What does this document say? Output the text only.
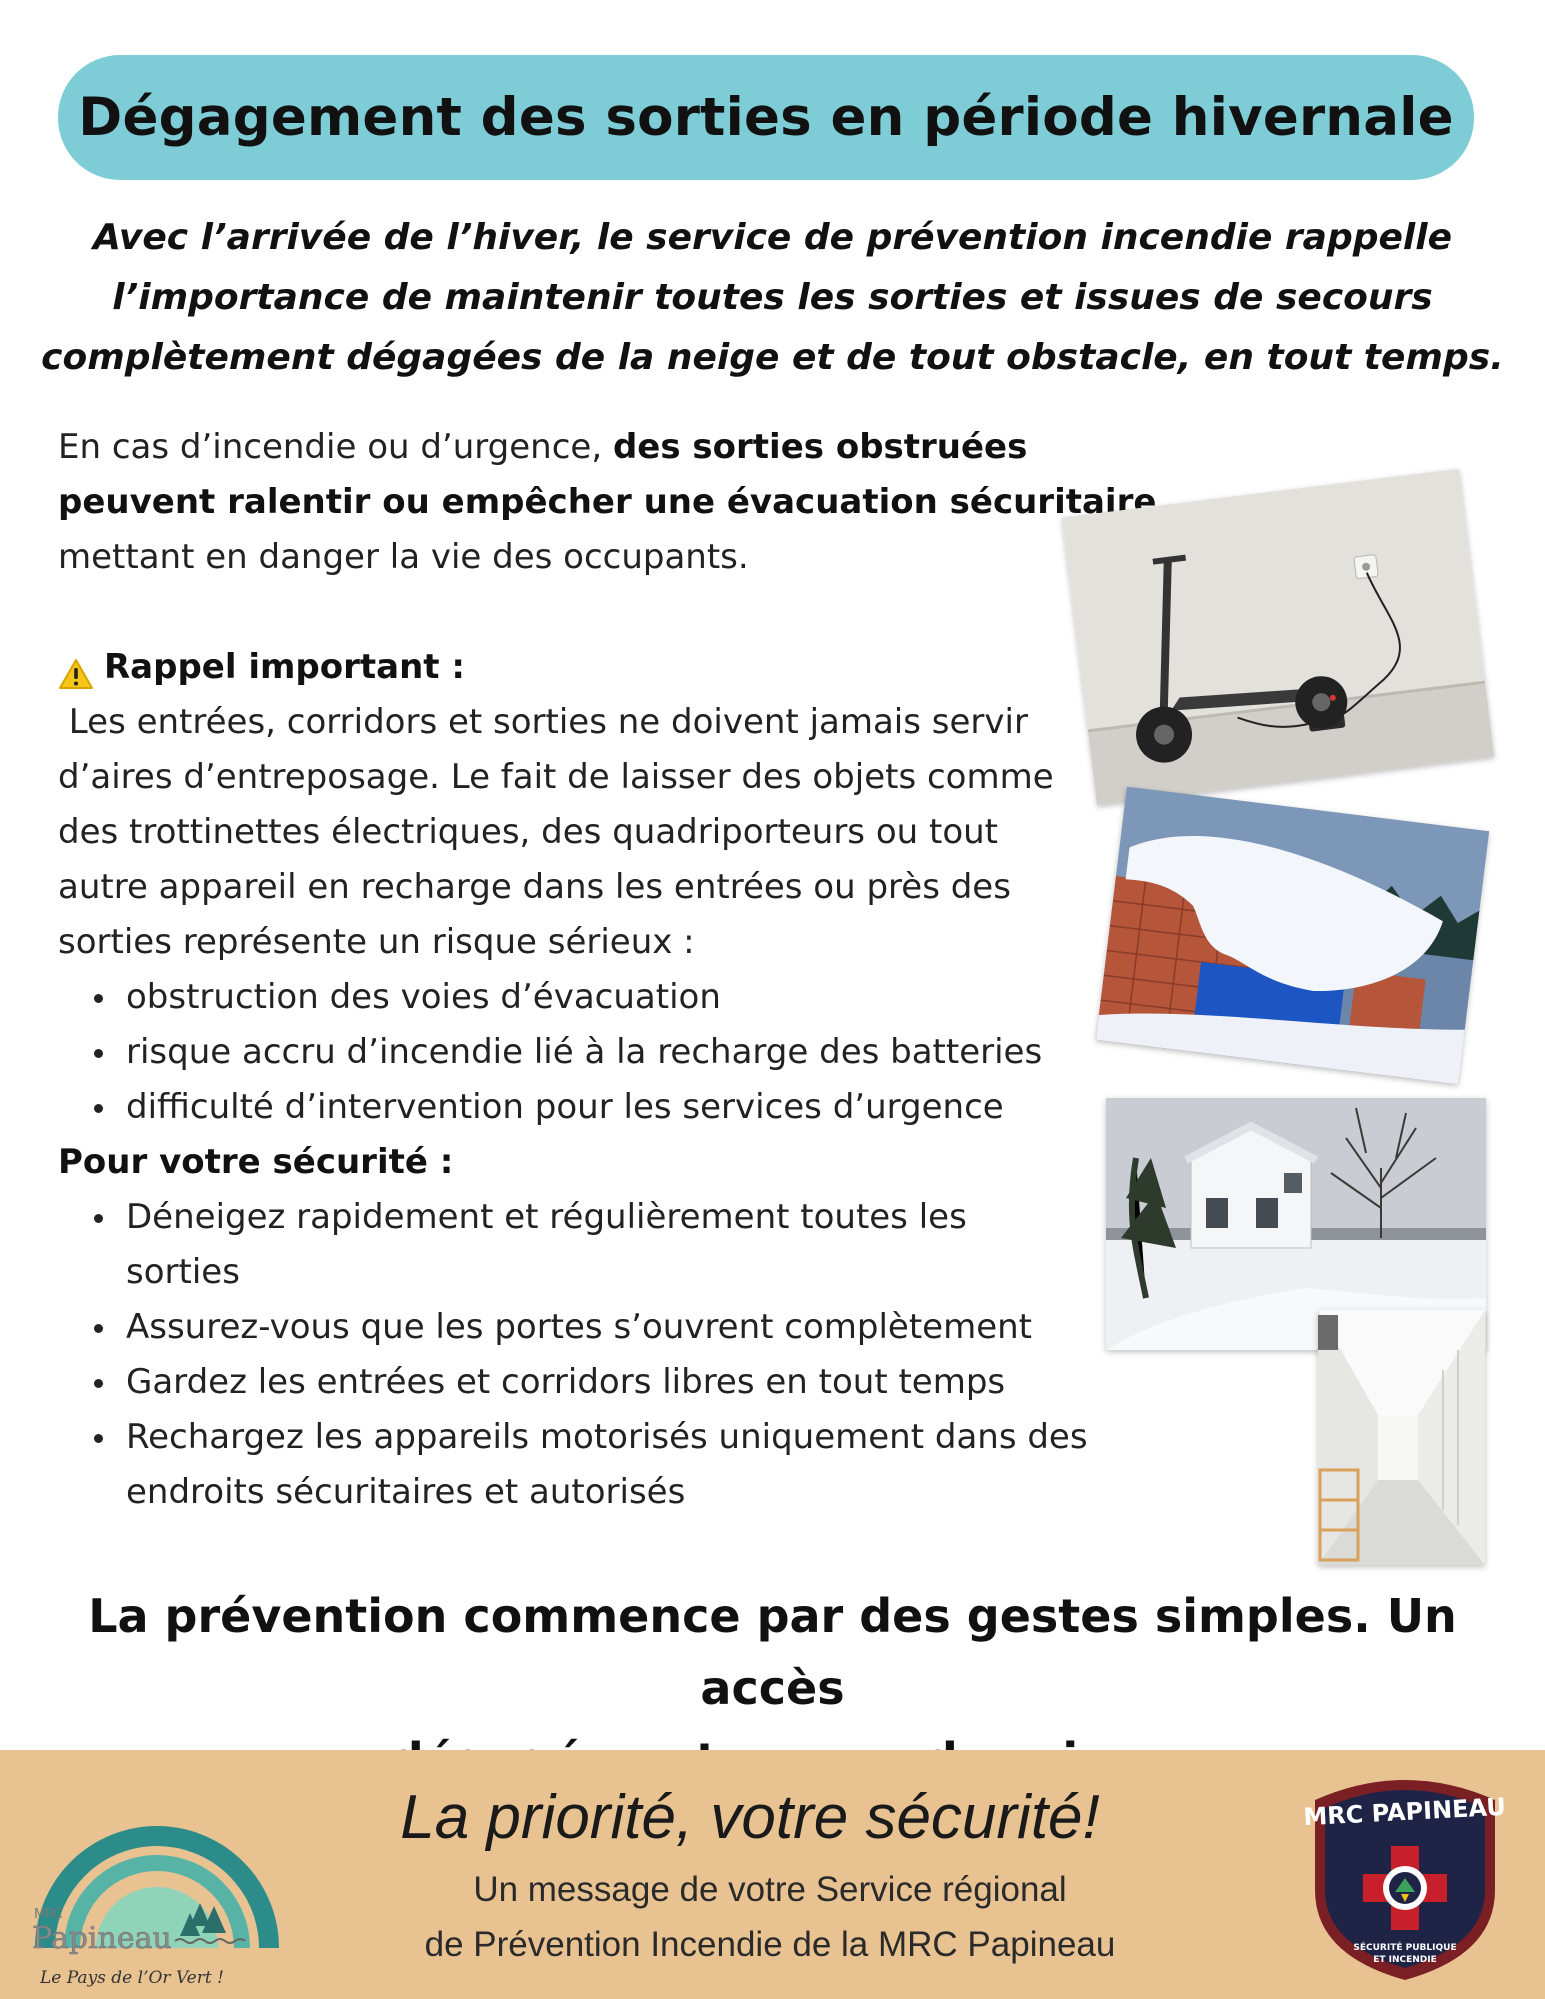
Dégagement des sorties en période hivernale

Avec l’arrivée de l’hiver, le service de prévention incendie rappelle

l’importance de maintenir toutes les sorties et issues de secours

complètement dégagées de la neige et de tout obstacle, en tout temps.

En cas d’incendie ou d’urgence, des sorties obstruées

peuvent ralentir ou empêcher une évacuation sécuritaire,

mettant en danger la vie des occupants.

Rappel important :

Les entrées, corridors et sorties ne doivent jamais servir

d’aires d’entreposage. Le fait de laisser des objets comme

des trottinettes électriques, des quadriporteurs ou tout

autre appareil en recharge dans les entrées ou près des

sorties représente un risque sérieux :

obstruction des voies d’évacuation
risque accru d’incendie lié à la recharge des batteries
difficulté d’intervention pour les services d’urgence

Pour votre sécurité :

Déneigez rapidement et régulièrement toutes les
sorties
Assurez-vous que les portes s’ouvrent complètement
Gardez les entrées et corridors libres en tout temps
Rechargez les appareils motorisés uniquement dans des
endroits sécuritaires et autorisés

La prévention commence par des gestes simples. Un accès

MRC
Papineau
Le Pays de l’Or Vert !

La priorité, votre sécurité!

Un message de votre Service régional

de Prévention Incendie de la MRC Papineau

MRC PAPINEAU
SÉCURITÉ PUBLIQUE
ET INCENDIE
